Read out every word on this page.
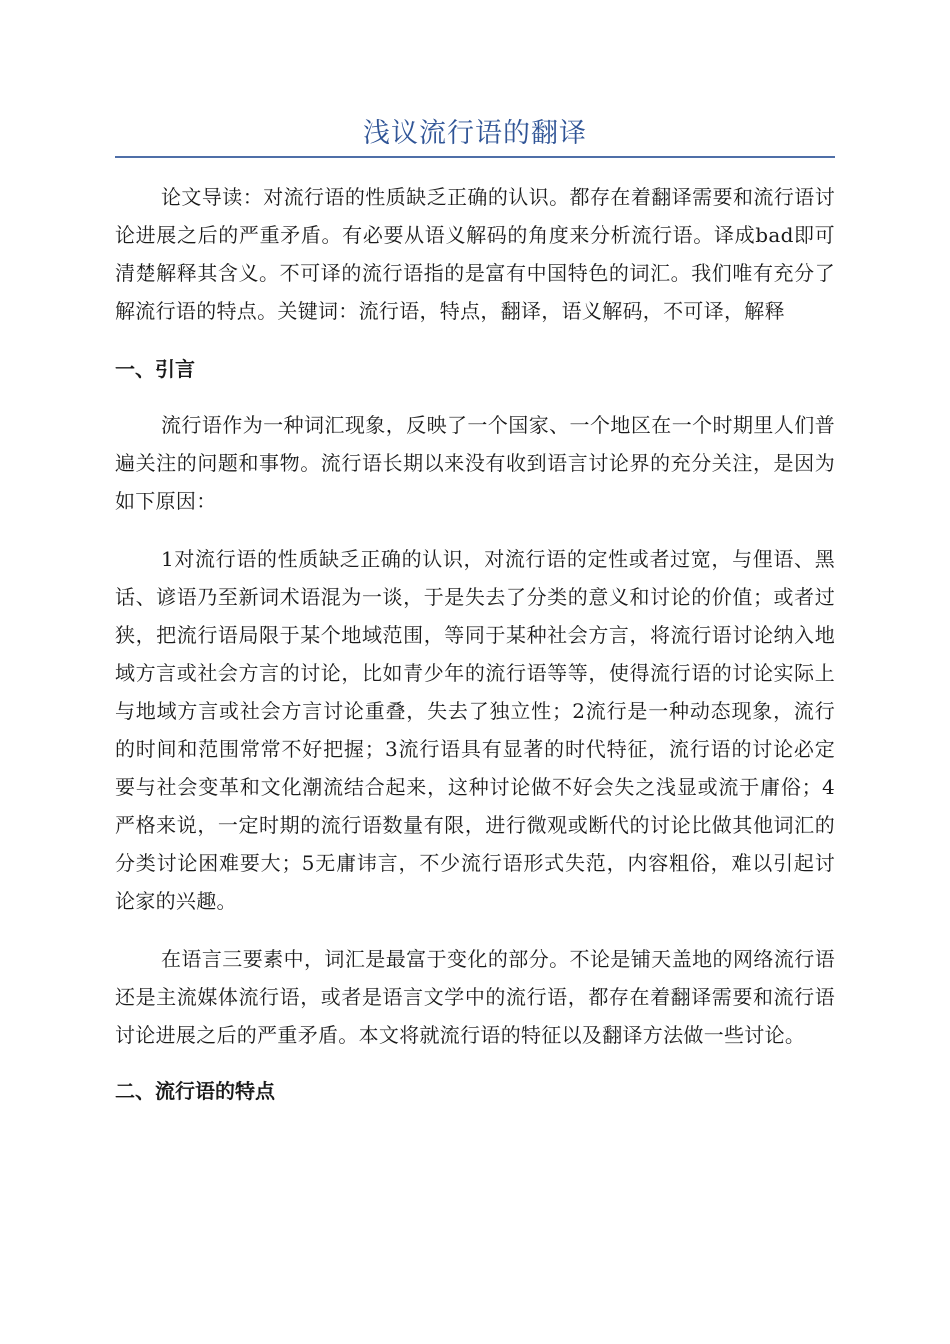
浅议流行语的翻译

论文导读：对流行语的性质缺乏正确的认识。都存在着翻译需要和流行语讨论进展之后的严重矛盾。有必要从语义解码的角度来分析流行语。译成bad即可清楚解释其含义。不可译的流行语指的是富有中国特色的词汇。我们唯有充分了解流行语的特点。关键词：流行语，特点，翻译，语义解码，不可译，解释

一、引言

流行语作为一种词汇现象，反映了一个国家、一个地区在一个时期里人们普遍关注的问题和事物。流行语长期以来没有收到语言讨论界的充分关注，是因为如下原因：

1对流行语的性质缺乏正确的认识，对流行语的定性或者过宽，与俚语、黑话、谚语乃至新词术语混为一谈，于是失去了分类的意义和讨论的价值；或者过狭，把流行语局限于某个地域范围，等同于某种社会方言，将流行语讨论纳入地域方言或社会方言的讨论，比如青少年的流行语等等，使得流行语的讨论实际上与地域方言或社会方言讨论重叠，失去了独立性；2流行是一种动态现象，流行的时间和范围常常不好把握；3流行语具有显著的时代特征，流行语的讨论必定要与社会变革和文化潮流结合起来，这种讨论做不好会失之浅显或流于庸俗；4严格来说，一定时期的流行语数量有限，进行微观或断代的讨论比做其他词汇的分类讨论困难要大；5无庸讳言，不少流行语形式失范，内容粗俗，难以引起讨论家的兴趣。

在语言三要素中，词汇是最富于变化的部分。不论是铺天盖地的网络流行语还是主流媒体流行语，或者是语言文学中的流行语，都存在着翻译需要和流行语讨论进展之后的严重矛盾。本文将就流行语的特征以及翻译方法做一些讨论。

二、流行语的特点
